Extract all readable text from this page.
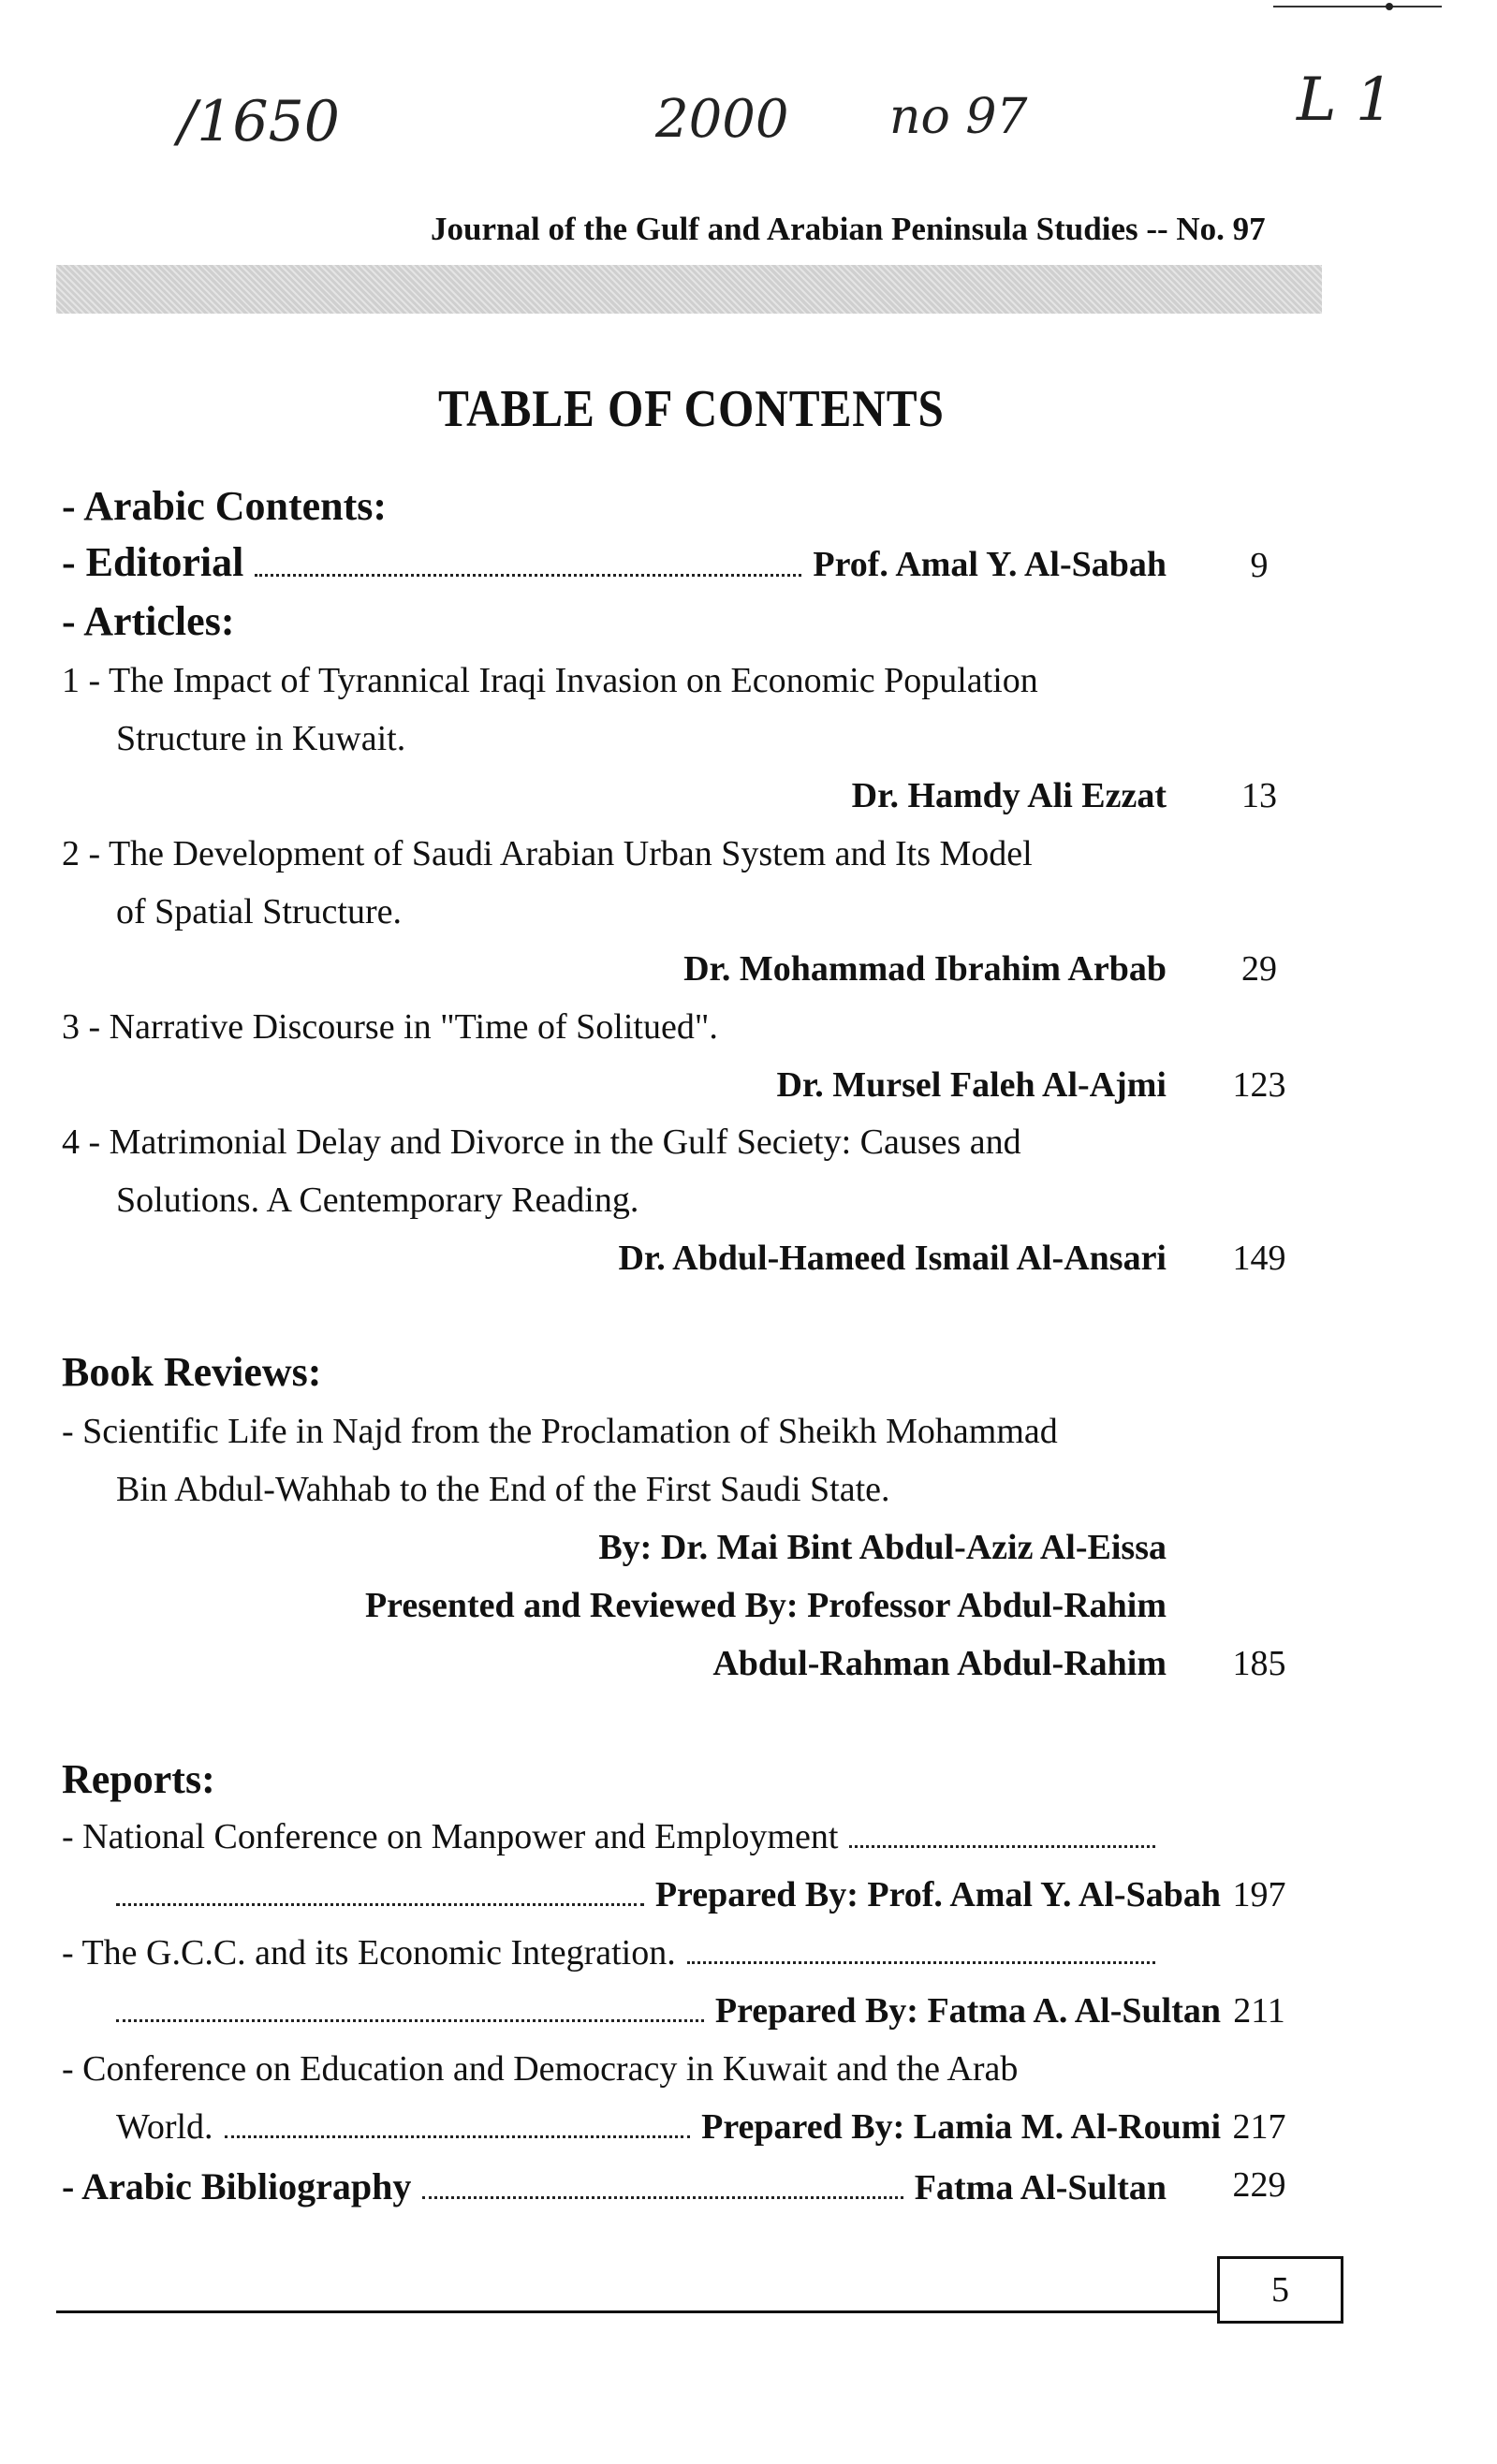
/1650	2000 no 97	L 1
Journal of the Gulf and Arabian Peninsula Studies -- No. 97
TABLE OF CONTENTS
- Arabic Contents:
- Editorial	Prof. Amal Y. Al-Sabah	9
- Articles:
1 - The Impact of Tyrannical Iraqi Invasion on Economic Population
Structure in Kuwait.
Dr. Hamdy Ali Ezzat	13
2 - The Development of Saudi Arabian Urban System and Its Model
of Spatial Structure.
Dr. Mohammad Ibrahim Arbab	29
3 - Narrative Discourse in "Time of Solitued".
Dr. Mursel Faleh Al-Ajmi	123
4 - Matrimonial Delay and Divorce in the Gulf Seciety: Causes and
Solutions. A Centemporary Reading.
Dr. Abdul-Hameed Ismail Al-Ansari	149
Book Reviews:
- Scientific Life in Najd from the Proclamation of Sheikh Mohammad
Bin Abdul-Wahhab to the End of the First Saudi State.
By: Dr. Mai Bint Abdul-Aziz Al-Eissa
Presented and Reviewed By: Professor Abdul-Rahim
Abdul-Rahman Abdul-Rahim	185
Reports:
- National Conference on Manpower and Employment
Prepared By: Prof. Amal Y. Al-Sabah 197
- The G.C.C. and its Economic Integration.
Prepared By: Fatma A. Al-Sultan 211
- Conference on Education and Democracy in Kuwait and the Arab
World.	Prepared By: Lamia M. Al-Roumi 217
- Arabic Bibliography	Fatma Al-Sultan	229
5
